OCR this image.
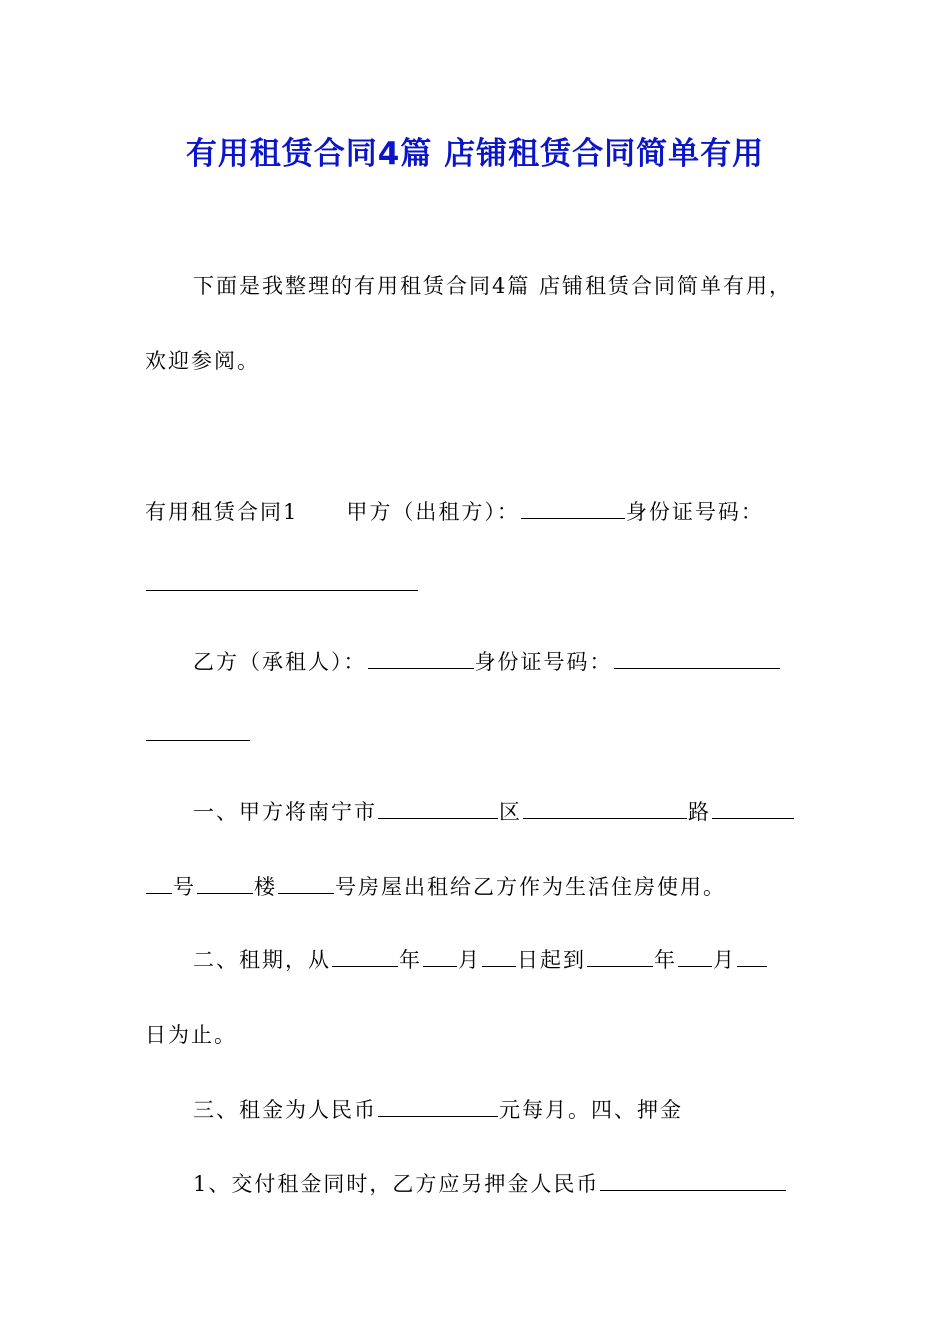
有用租赁合同4篇 店铺租赁合同简单有用
下面是我整理的有用租赁合同4篇 店铺租赁合同简单有用，
欢迎参阅。
有用租赁合同1 甲方（出租方）：	身份证号码：
乙方（承租人）：	身份证号码：
一、甲方将南宁市	区	路
号	楼	号房屋出租给乙方作为生活住房使用。
二、租期，从	年 月 日起到	年 月
日为止。
三、租金为人民币	元每月。四、押金
1、交付租金同时，乙方应另押金人民币
